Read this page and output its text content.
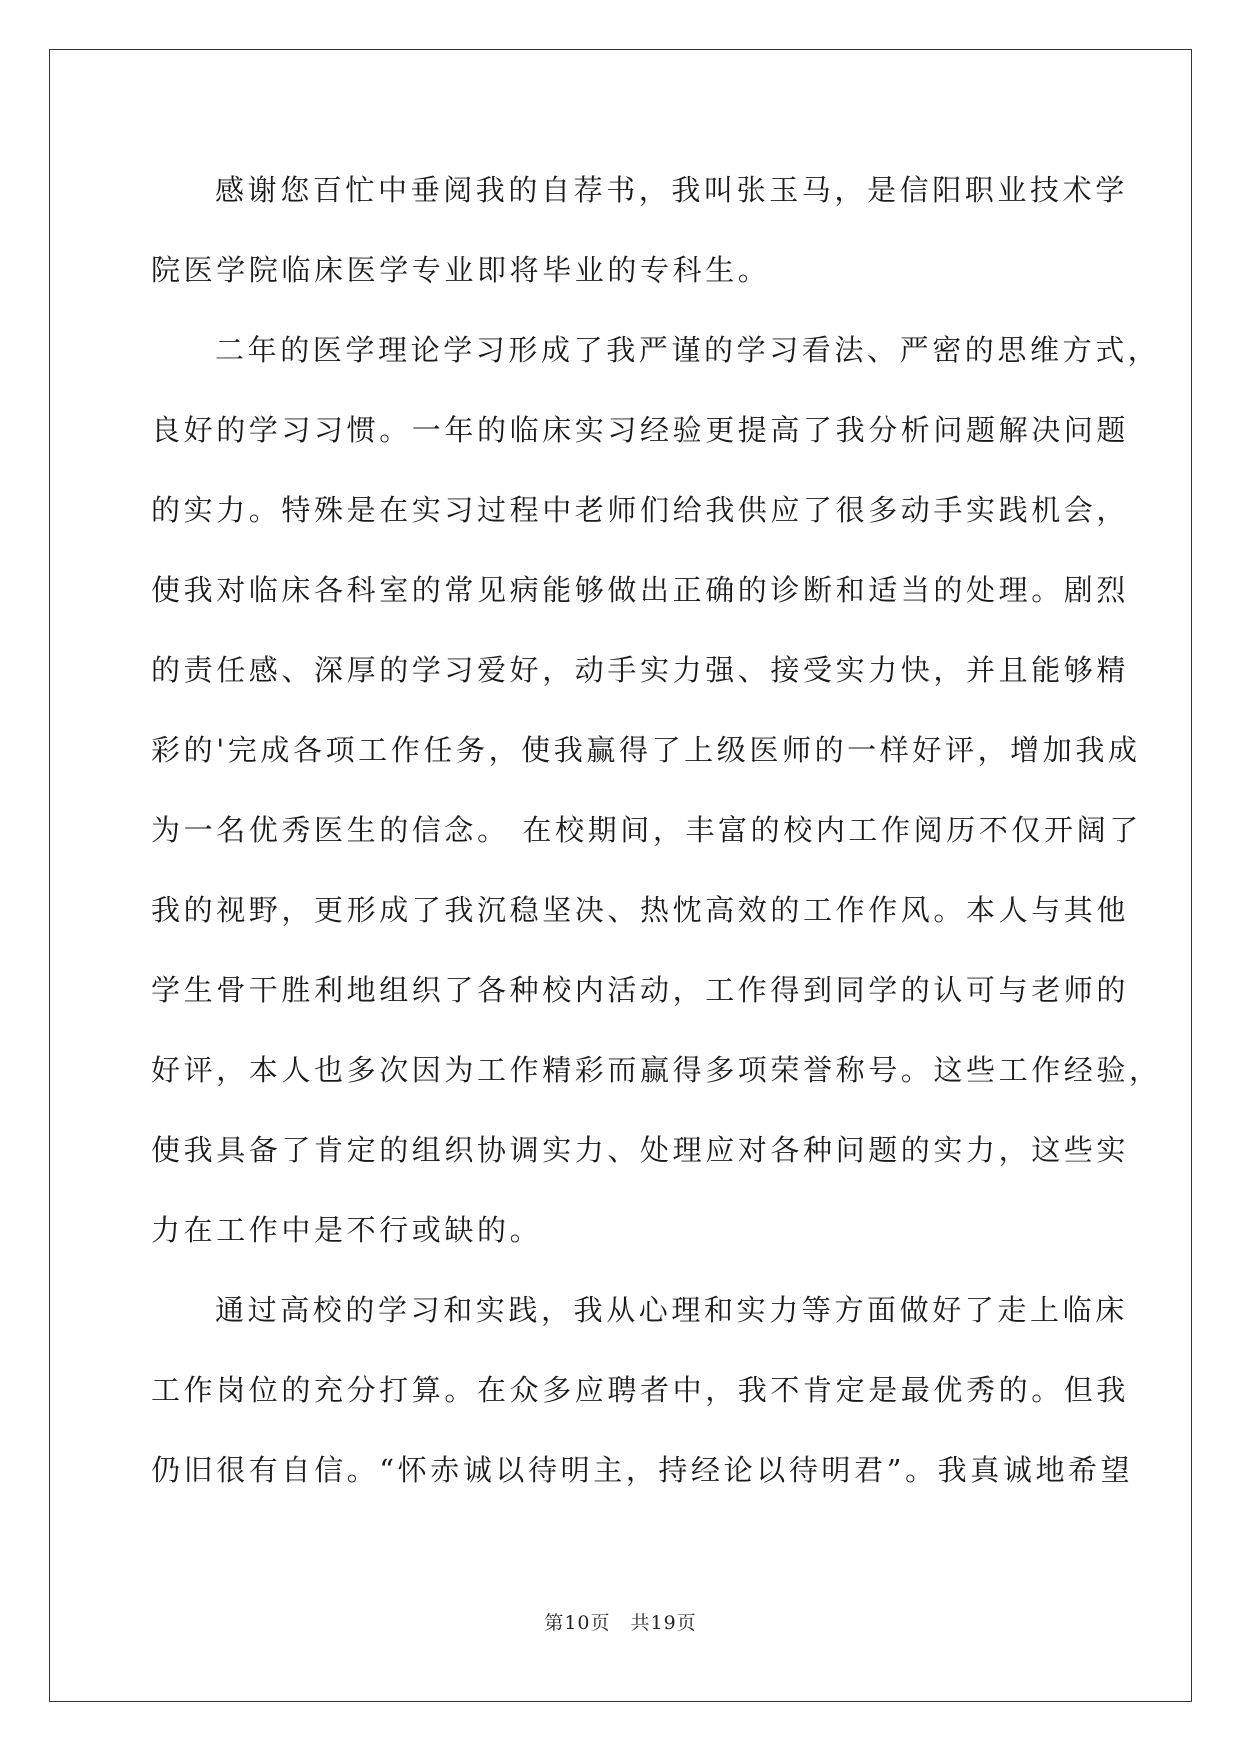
感谢您百忙中垂阅我的自荐书，我叫张玉马，是信阳职业技术学
院医学院临床医学专业即将毕业的专科生。
二年的医学理论学习形成了我严谨的学习看法、严密的思维方式，
良好的学习习惯。一年的临床实习经验更提高了我分析问题解决问题
的实力。特殊是在实习过程中老师们给我供应了很多动手实践机会，
使我对临床各科室的常见病能够做出正确的诊断和适当的处理。剧烈
的责任感、深厚的学习爱好，动手实力强、接受实力快，并且能够精
彩的'完成各项工作任务，使我赢得了上级医师的一样好评，增加我成
为一名优秀医生的信念。 在校期间，丰富的校内工作阅历不仅开阔了
我的视野，更形成了我沉稳坚决、热忱高效的工作作风。本人与其他
学生骨干胜利地组织了各种校内活动，工作得到同学的认可与老师的
好评，本人也多次因为工作精彩而赢得多项荣誉称号。这些工作经验，
使我具备了肯定的组织协调实力、处理应对各种问题的实力，这些实
力在工作中是不行或缺的。
通过高校的学习和实践，我从心理和实力等方面做好了走上临床
工作岗位的充分打算。在众多应聘者中，我不肯定是最优秀的。但我
仍旧很有自信。“怀赤诚以待明主，持经论以待明君”。我真诚地希望
第10页　共19页
